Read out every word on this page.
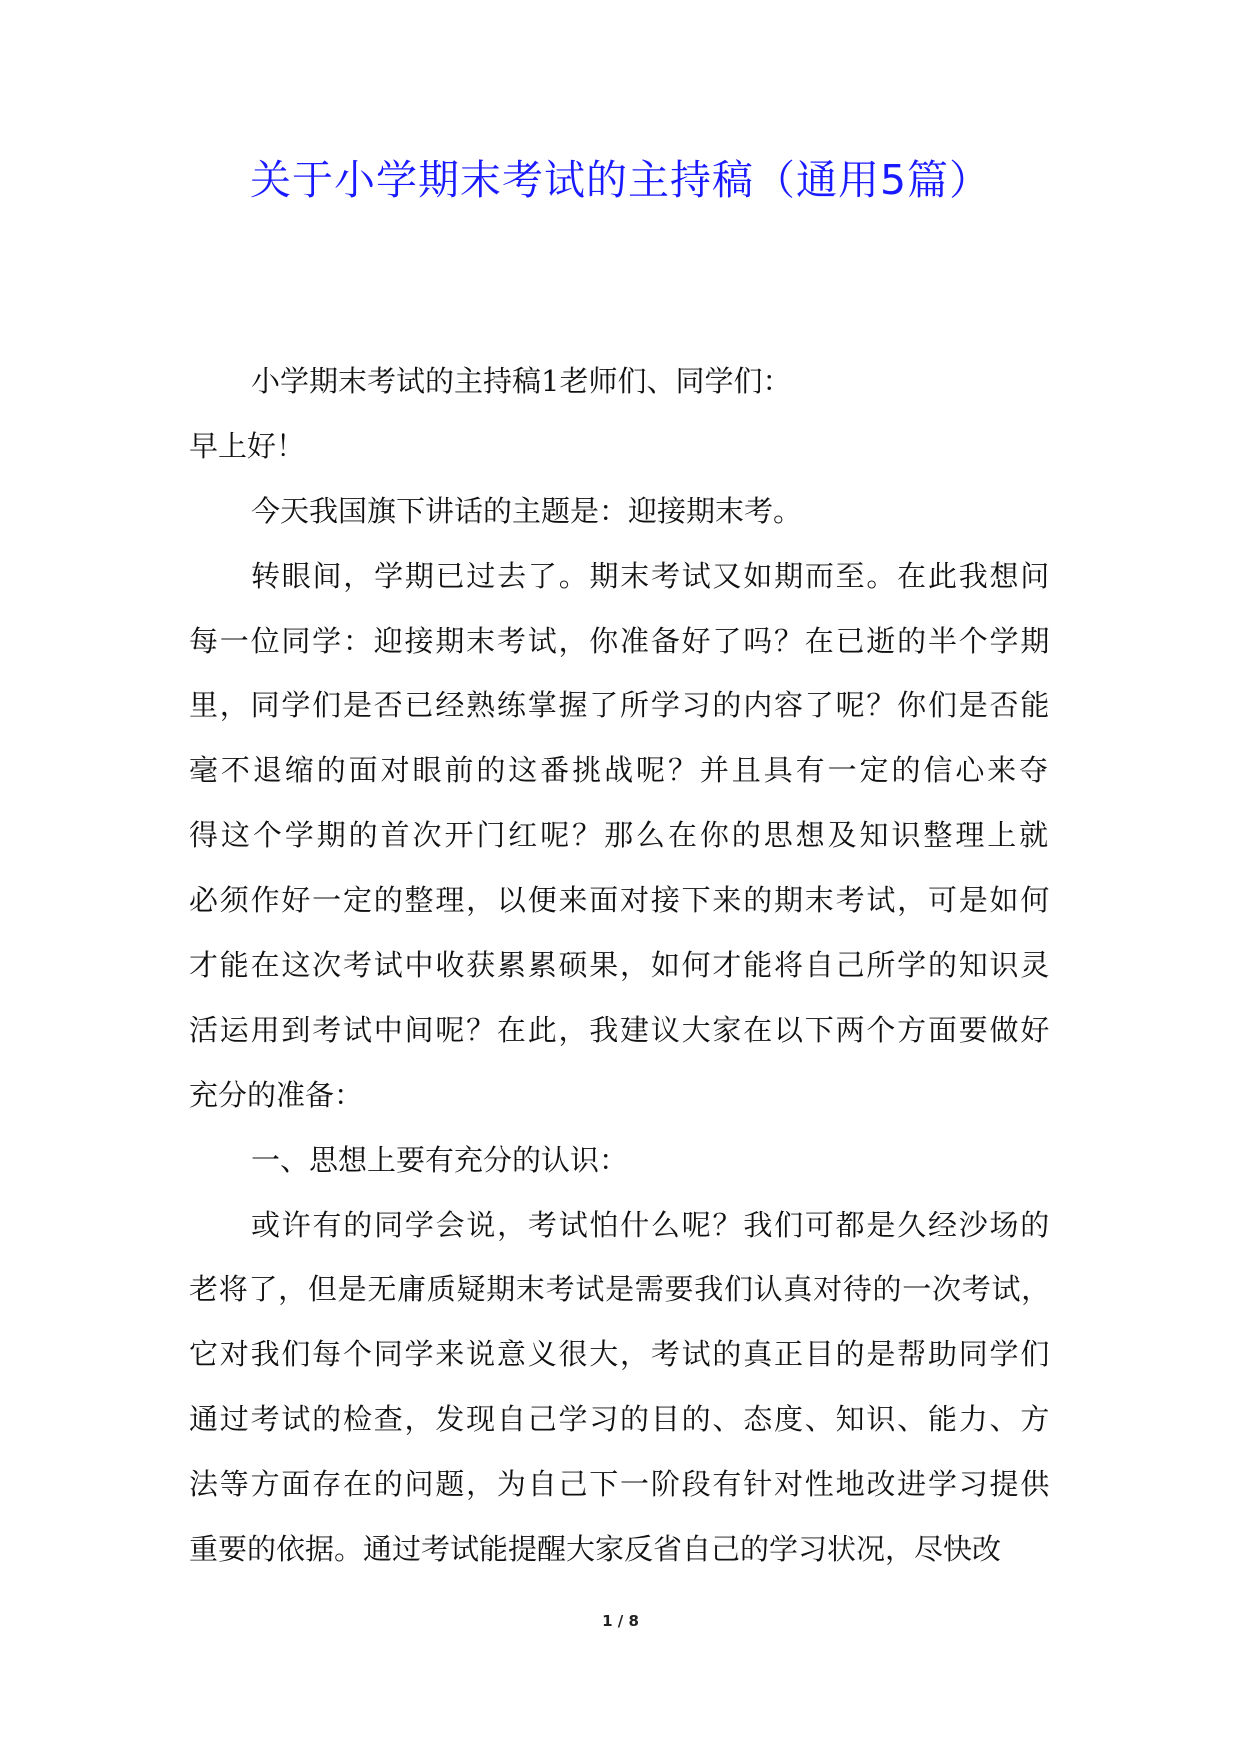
关于小学期末考试的主持稿（通用5篇）
小学期末考试的主持稿1老师们、同学们：
早上好！
今天我国旗下讲话的主题是：迎接期末考。
转眼间，学期已过去了。期末考试又如期而至。在此我想问
每一位同学：迎接期末考试，你准备好了吗？在已逝的半个学期
里，同学们是否已经熟练掌握了所学习的内容了呢？你们是否能
毫不退缩的面对眼前的这番挑战呢？并且具有一定的信心来夺
得这个学期的首次开门红呢？那么在你的思想及知识整理上就
必须作好一定的整理，以便来面对接下来的期末考试，可是如何
才能在这次考试中收获累累硕果，如何才能将自己所学的知识灵
活运用到考试中间呢？在此，我建议大家在以下两个方面要做好
充分的准备：
一、思想上要有充分的认识：
或许有的同学会说，考试怕什么呢？我们可都是久经沙场的
老将了，但是无庸质疑期末考试是需要我们认真对待的一次考试，
它对我们每个同学来说意义很大，考试的真正目的是帮助同学们
通过考试的检查，发现自己学习的目的、态度、知识、能力、方
法等方面存在的问题，为自己下一阶段有针对性地改进学习提供
重要的依据。通过考试能提醒大家反省自己的学习状况，尽快改
1 / 8
